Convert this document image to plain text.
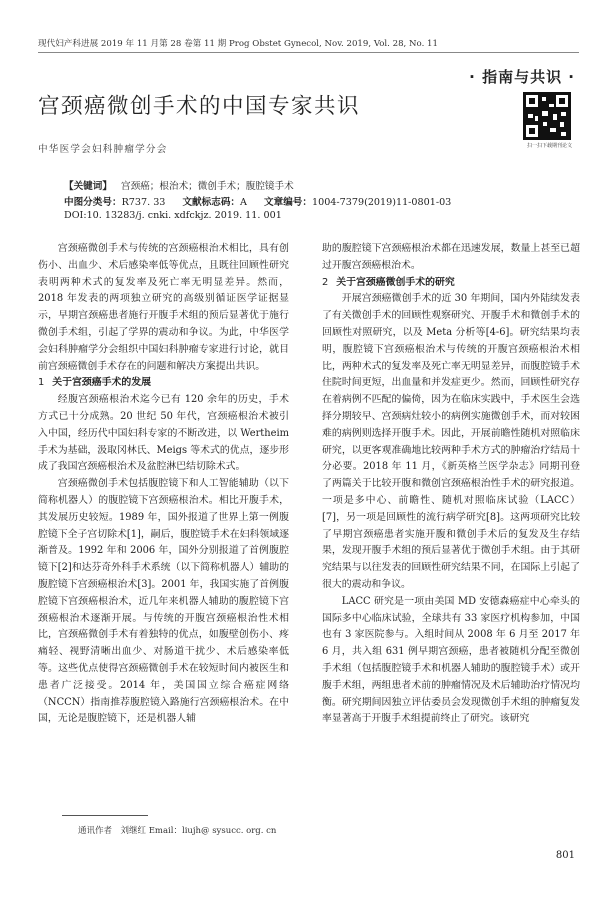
现代妇产科进展 2019 年 11 月第 28 卷第 11 期 Prog Obstet Gynecol, Nov. 2019, Vol. 28, No. 11
· 指南与共识 ·
宫颈癌微创手术的中国专家共识
扫一扫下载期刊论文
中华医学会妇科肿瘤学分会
【关键词】 宫颈癌；根治术；微创手术；腹腔镜手术
中图分类号：R737. 33 文献标志码：A 文章编号：1004-7379(2019)11-0801-03
DOI:10. 13283/j. cnki. xdfckjz. 2019. 11. 001

宫颈癌微创手术与传统的宫颈癌根治术相比，具有创伤小、出血少、术后感染率低等优点，且既往回顾性研究表明两种术式的复发率及死亡率无明显差异。然而，2018 年发表的两项独立研究的高级别循证医学证据显示，早期宫颈癌患者施行开腹手术组的预后显著优于施行微创手术组，引起了学界的震动和争议。为此，中华医学会妇科肿瘤学分会组织中国妇科肿瘤专家进行讨论，就目前宫颈癌微创手术存在的问题和解决方案提出共识。

1 关于宫颈癌手术的发展

经腹宫颈癌根治术迄今已有 120 余年的历史，手术方式已十分成熟。20 世纪 50 年代，宫颈癌根治术被引入中国，经历代中国妇科专家的不断改进，以 Wertheim 手术为基础，汲取冈林氏、Meigs 等术式的优点，逐步形成了我国宫颈癌根治术及盆腔淋巴结切除术式。

宫颈癌微创手术包括腹腔镜下和人工智能辅助（以下简称机器人）的腹腔镜下宫颈癌根治术。相比开腹手术，其发展历史较短。1989 年，国外报道了世界上第一例腹腔镜下全子宫切除术[1]，嗣后，腹腔镜手术在妇科领域逐渐普及。1992 年和 2006 年，国外分别报道了首例腹腔镜下[2]和达芬奇外科手术系统（以下简称机器人）辅助的腹腔镜下宫颈癌根治术[3]。2001 年，我国实施了首例腹腔镜下宫颈癌根治术，近几年来机器人辅助的腹腔镜下宫颈癌根治术逐渐开展。与传统的开腹宫颈癌根治性术相比，宫颈癌微创手术有着独特的优点，如腹壁创伤小、疼痛轻、视野清晰出血少、对肠道干扰少、术后感染率低等。这些优点使得宫颈癌微创手术在较短时间内被医生和患者广泛接受。2014 年，美国国立综合癌症网络（NCCN）指南推荐腹腔镜入路施行宫颈癌根治术。在中国，无论是腹腔镜下，还是机器人辅

助的腹腔镜下宫颈癌根治术都在迅速发展，数量上甚至已超过开腹宫颈癌根治术。

2 关于宫颈癌微创手术的研究

开展宫颈癌微创手术的近 30 年期间，国内外陆续发表了有关微创手术的回顾性观察研究、开腹手术和微创手术的回顾性对照研究，以及 Meta 分析等[4-6]。研究结果均表明，腹腔镜下宫颈癌根治术与传统的开腹宫颈癌根治术相比，两种术式的复发率及死亡率无明显差异，而腹腔镜手术住院时间更短，出血量和并发症更少。然而，回顾性研究存在着病例不匹配的偏倚，因为在临床实践中，手术医生会选择分期较早、宫颈病灶较小的病例实施微创手术，而对较困难的病例则选择开腹手术。因此，开展前瞻性随机对照临床研究，以更客观准确地比较两种手术方式的肿瘤治疗结局十分必要。2018 年 11 月，《新英格兰医学杂志》同期刊登了两篇关于比较开腹和微创宫颈癌根治性手术的研究报道。一项是多中心、前瞻性、随机对照临床试验（LACC）[7]，另一项是回顾性的流行病学研究[8]。这两项研究比较了早期宫颈癌患者实施开腹和微创手术后的复发及生存结果，发现开腹手术组的预后显著优于微创手术组。由于其研究结果与以往发表的回顾性研究结果不同，在国际上引起了很大的震动和争议。

LACC 研究是一项由美国 MD 安德森癌症中心牵头的国际多中心临床试验，全球共有 33 家医疗机构参加，中国也有 3 家医院参与。入组时间从 2008 年 6 月至 2017 年 6 月，共入组 631 例早期宫颈癌，患者被随机分配至微创手术组（包括腹腔镜手术和机器人辅助的腹腔镜手术）或开腹手术组，两组患者术前的肿瘤情况及术后辅助治疗情况均衡。研究期间因独立评估委员会发现微创手术组的肿瘤复发率显著高于开腹手术组提前终止了研究。该研究

通讯作者　刘继红 Email：liujh@ sysucc. org. cn
801
